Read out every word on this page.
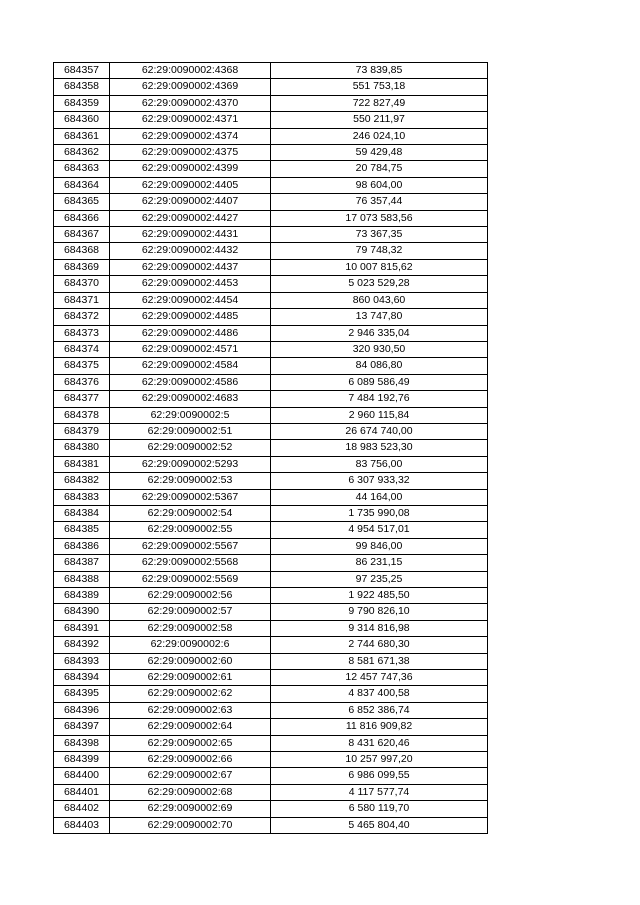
684357	62:29:0090002:4368	73 839,85
684358	62:29:0090002:4369	551 753,18
684359	62:29:0090002:4370	722 827,49
684360	62:29:0090002:4371	550 211,97
684361	62:29:0090002:4374	246 024,10
684362	62:29:0090002:4375	59 429,48
684363	62:29:0090002:4399	20 784,75
684364	62:29:0090002:4405	98 604,00
684365	62:29:0090002:4407	76 357,44
684366	62:29:0090002:4427	17 073 583,56
684367	62:29:0090002:4431	73 367,35
684368	62:29:0090002:4432	79 748,32
684369	62:29:0090002:4437	10 007 815,62
684370	62:29:0090002:4453	5 023 529,28
684371	62:29:0090002:4454	860 043,60
684372	62:29:0090002:4485	13 747,80
684373	62:29:0090002:4486	2 946 335,04
684374	62:29:0090002:4571	320 930,50
684375	62:29:0090002:4584	84 086,80
684376	62:29:0090002:4586	6 089 586,49
684377	62:29:0090002:4683	7 484 192,76
684378	62:29:0090002:5	2 960 115,84
684379	62:29:0090002:51	26 674 740,00
684380	62:29:0090002:52	18 983 523,30
684381	62:29:0090002:5293	83 756,00
684382	62:29:0090002:53	6 307 933,32
684383	62:29:0090002:5367	44 164,00
684384	62:29:0090002:54	1 735 990,08
684385	62:29:0090002:55	4 954 517,01
684386	62:29:0090002:5567	99 846,00
684387	62:29:0090002:5568	86 231,15
684388	62:29:0090002:5569	97 235,25
684389	62:29:0090002:56	1 922 485,50
684390	62:29:0090002:57	9 790 826,10
684391	62:29:0090002:58	9 314 816,98
684392	62:29:0090002:6	2 744 680,30
684393	62:29:0090002:60	8 581 671,38
684394	62:29:0090002:61	12 457 747,36
684395	62:29:0090002:62	4 837 400,58
684396	62:29:0090002:63	6 852 386,74
684397	62:29:0090002:64	11 816 909,82
684398	62:29:0090002:65	8 431 620,46
684399	62:29:0090002:66	10 257 997,20
684400	62:29:0090002:67	6 986 099,55
684401	62:29:0090002:68	4 117 577,74
684402	62:29:0090002:69	6 580 119,70
684403	62:29:0090002:70	5 465 804,40
